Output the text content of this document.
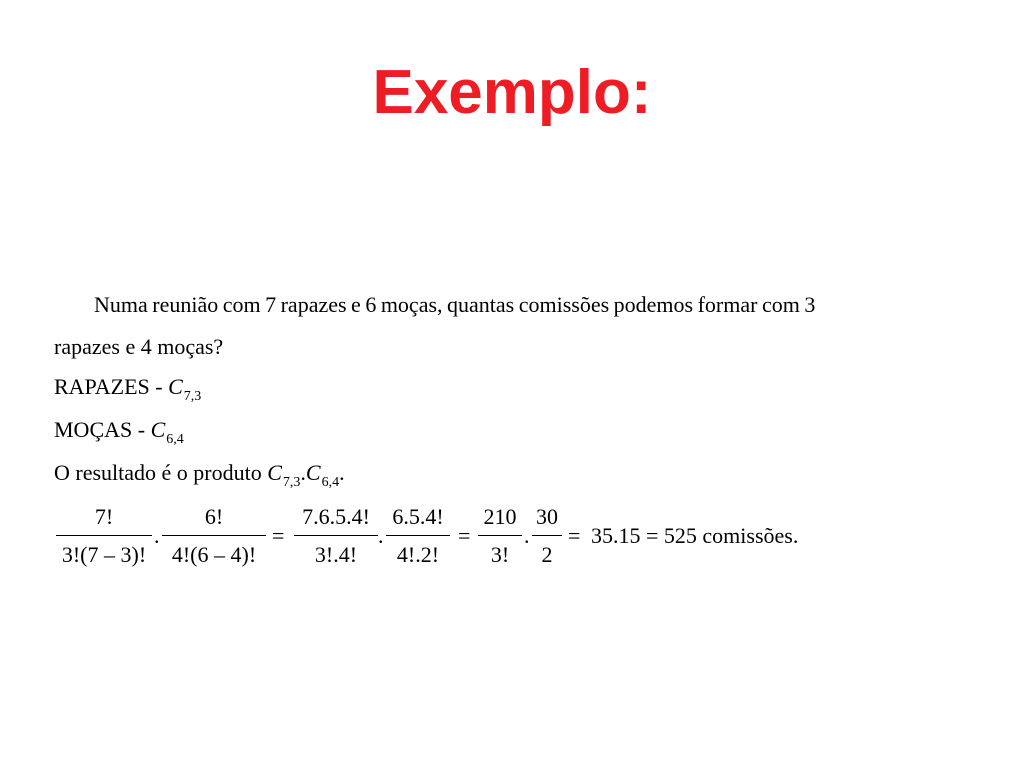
Exemplo:
Numa reunião com 7 rapazes e 6 moças, quantas comissões podemos formar com 3
rapazes e 4 moças?
RAPAZES - $C_{7,3}$
MOÇAS - $C_{6,4}$
O resultado é o produto $C_{7,3}.C_{6,4}$.
7!
3!(7 – 3)!
.
6!
4!(6 – 4)!
=
7.6.5.4!
3!.4!
.
6.5.4!
4!.2!
=
210
3!
.
30
2
= 35.15 = 525 comissões.
